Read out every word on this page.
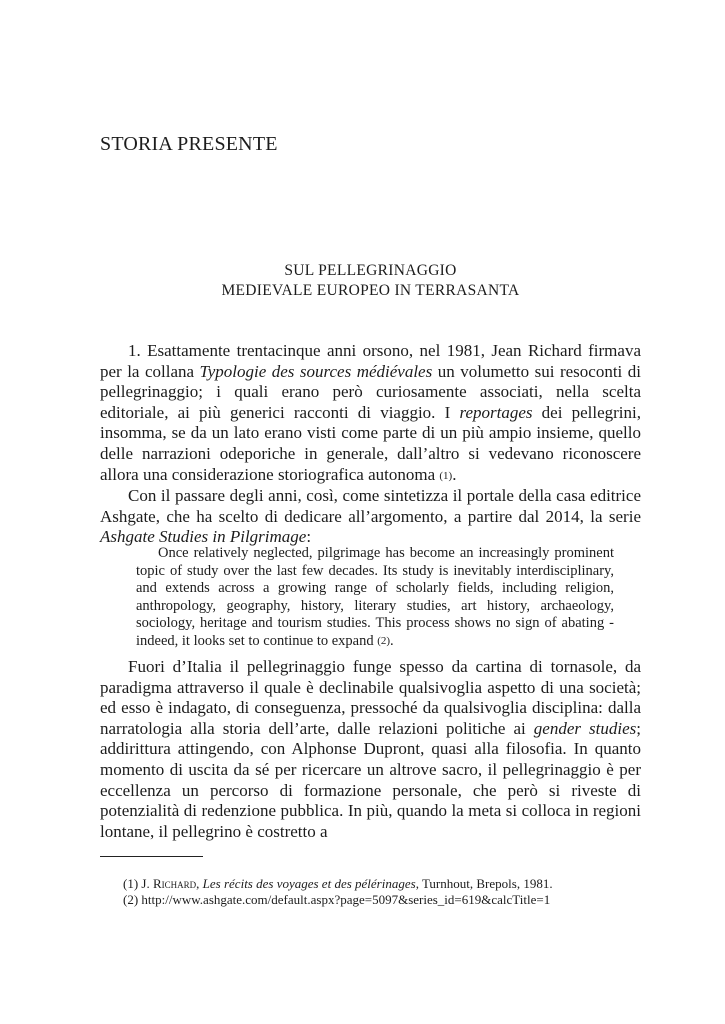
STORIA PRESENTE
SUL PELLEGRINAGGIO
MEDIEVALE EUROPEO IN TERRASANTA

1. Esattamente trentacinque anni orsono, nel 1981, Jean Richard firmava per la collana Typologie des sources médiévales un volumetto sui resoconti di pellegrinaggio; i quali erano però curiosamente associati, nella scelta editoriale, ai più generici racconti di viaggio. I reportages dei pellegrini, insomma, se da un lato erano visti come parte di un più ampio insieme, quello delle narrazioni odeporiche in generale, dall’altro si vedevano riconoscere allora una considerazione storiografica autonoma (1).

Con il passare degli anni, così, come sintetizza il portale della casa editrice Ashgate, che ha scelto di dedicare all’argomento, a partire dal 2014, la serie Ashgate Studies in Pilgrimage:

Once relatively neglected, pilgrimage has become an increasingly prominent topic of study over the last few decades. Its study is inevitably interdisciplinary, and extends across a growing range of scholarly fields, including religion, anthropology, geography, history, literary studies, art history, archaeology, sociology, heritage and tourism studies. This process shows no sign of abating - indeed, it looks set to continue to expand (2).

Fuori d’Italia il pellegrinaggio funge spesso da cartina di tornasole, da paradigma attraverso il quale è declinabile qualsivoglia aspetto di una società; ed esso è indagato, di conseguenza, pressoché da qualsivoglia disciplina: dalla narratologia alla storia dell’arte, dalle relazioni politiche ai gender studies; addirittura attingendo, con Alphonse Dupront, quasi alla filosofia. In quanto momento di uscita da sé per ricercare un altrove sacro, il pellegrinaggio è per eccellenza un percorso di formazione personale, che però si riveste di potenzialità di redenzione pubblica. In più, quando la meta si colloca in regioni lontane, il pellegrino è costretto a

(1) J. Richard, Les récits des voyages et des pélérinages, Turnhout, Brepols, 1981.
(2) http://www.ashgate.com/default.aspx?page=5097&series_id=619&calcTitle=1
